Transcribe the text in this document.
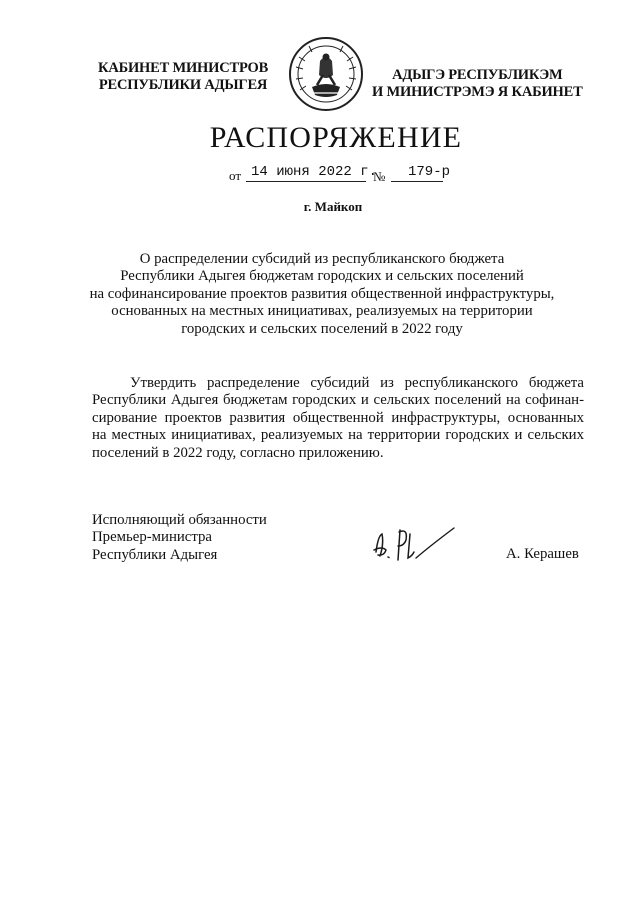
КАБИНЕТ МИНИСТРОВ
РЕСПУБЛИКИ АДЫГЕЯ
АДЫГЭ РЕСПУБЛИКЭМ
И МИНИСТРЭМЭ Я КАБИНЕТ
РАСПОРЯЖЕНИЕ
от 14 июня 2022 г.
№ 179-р
г. Майкоп
О распределении субсидий из республиканского бюджета
Республики Адыгея бюджетам городских и сельских поселений
на софинансирование проектов развития общественной инфраструктуры,
основанных на местных инициативах, реализуемых на территории
городских и сельских поселений в 2022 году
Утвердить распределение субсидий из республиканского бюджета
Республики Адыгея бюджетам городских и сельских поселений на софинан-
сирование проектов развития общественной инфраструктуры, основанных
на местных инициативах, реализуемых на территории городских и сельских
поселений в 2022 году, согласно приложению.
Исполняющий обязанности
Премьер-министра
Республики Адыгея	А. Керашев
